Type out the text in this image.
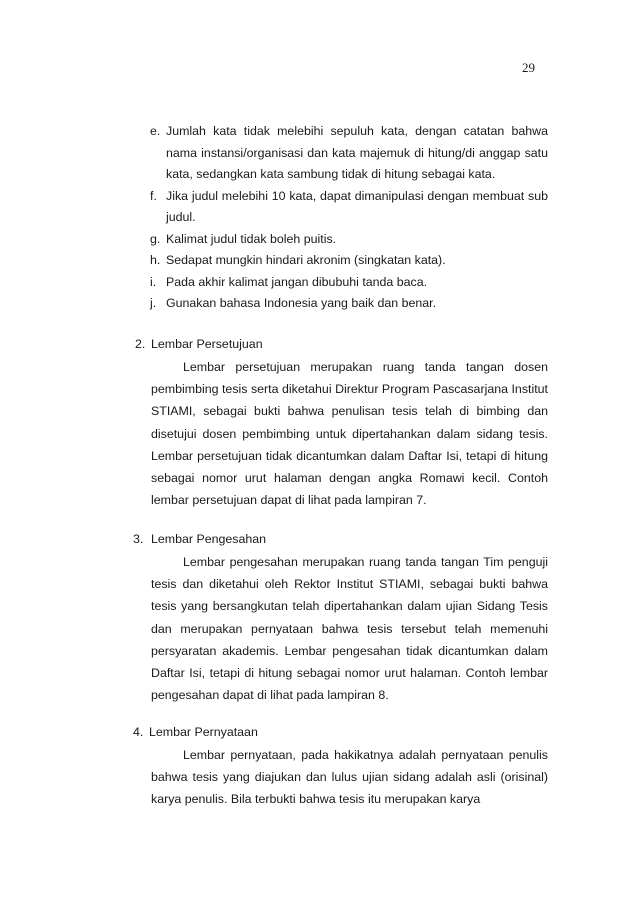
29
e. Jumlah kata tidak melebihi sepuluh kata, dengan catatan bahwa nama instansi/organisasi dan kata majemuk di hitung/di anggap satu kata, sedangkan kata sambung tidak di hitung sebagai kata.
f. Jika judul melebihi 10 kata, dapat dimanipulasi dengan membuat sub judul.
g. Kalimat judul tidak boleh puitis.
h. Sedapat mungkin hindari akronim (singkatan kata).
i. Pada akhir kalimat jangan dibubuhi tanda baca.
j. Gunakan bahasa Indonesia yang baik dan benar.
2. Lembar Persetujuan
Lembar persetujuan merupakan ruang tanda tangan dosen pembimbing tesis serta diketahui Direktur Program Pascasarjana Institut STIAMI, sebagai bukti bahwa penulisan tesis telah di bimbing dan disetujui dosen pembimbing untuk dipertahankan dalam sidang tesis. Lembar persetujuan tidak dicantumkan dalam Daftar Isi, tetapi di hitung sebagai nomor urut halaman dengan angka Romawi kecil. Contoh lembar persetujuan dapat di lihat pada lampiran 7.
3. Lembar Pengesahan
Lembar pengesahan merupakan ruang tanda tangan Tim penguji tesis dan diketahui oleh Rektor Institut STIAMI, sebagai bukti bahwa tesis yang bersangkutan telah dipertahankan dalam ujian Sidang Tesis dan merupakan pernyataan bahwa tesis tersebut telah memenuhi persyaratan akademis. Lembar pengesahan tidak dicantumkan dalam Daftar Isi, tetapi di hitung sebagai nomor urut halaman. Contoh lembar pengesahan dapat di lihat pada lampiran 8.
4. Lembar Pernyataan
Lembar pernyataan, pada hakikatnya adalah pernyataan penulis bahwa tesis yang diajukan dan lulus ujian sidang adalah asli (orisinal) karya penulis. Bila terbukti bahwa tesis itu merupakan karya
